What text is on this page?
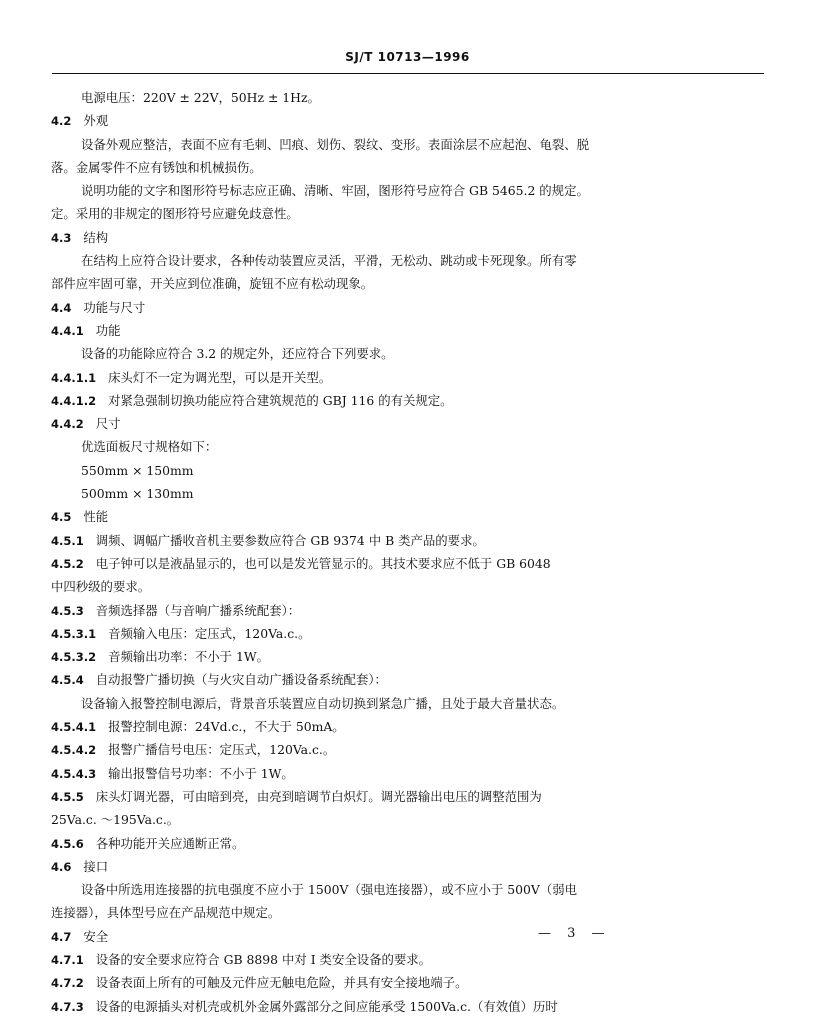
SJ/T 10713—1996
电源电压：220V ± 22V，50Hz ± 1Hz。
4.2 外观
设备外观应整洁，表面不应有毛刺、凹痕、划伤、裂纹、变形。表面涂层不应起泡、龟裂、脱
落。金属零件不应有锈蚀和机械损伤。
说明功能的文字和图形符号标志应正确、清晰、牢固，图形符号应符合 GB 5465.2 的规定。
定。采用的非规定的图形符号应避免歧意性。
4.3 结构
在结构上应符合设计要求，各种传动装置应灵活，平滑，无松动、跳动或卡死现象。所有零
部件应牢固可靠，开关应到位准确，旋钮不应有松动现象。
4.4 功能与尺寸
4.4.1 功能
设备的功能除应符合 3.2 的规定外，还应符合下列要求。
4.4.1.1 床头灯不一定为调光型，可以是开关型。
4.4.1.2 对紧急强制切换功能应符合建筑规范的 GBJ 116 的有关规定。
4.4.2 尺寸
优选面板尺寸规格如下：
550mm × 150mm
500mm × 130mm
4.5 性能
4.5.1 调频、调幅广播收音机主要参数应符合 GB 9374 中 B 类产品的要求。
4.5.2 电子钟可以是液晶显示的，也可以是发光管显示的。其技术要求应不低于 GB 6048
中四秒级的要求。
4.5.3 音频选择器（与音响广播系统配套）：
4.5.3.1 音频输入电压：定压式，120Va.c.。
4.5.3.2 音频输出功率：不小于 1W。
4.5.4 自动报警广播切换（与火灾自动广播设备系统配套）：
设备输入报警控制电源后，背景音乐装置应自动切换到紧急广播，且处于最大音量状态。
4.5.4.1 报警控制电源：24Vd.c.，不大于 50mA。
4.5.4.2 报警广播信号电压：定压式，120Va.c.。
4.5.4.3 输出报警信号功率：不小于 1W。
4.5.5 床头灯调光器，可由暗到亮，由亮到暗调节白炽灯。调光器输出电压的调整范围为
25Va.c. ～195Va.c.。
4.5.6 各种功能开关应通断正常。
4.6 接口
设备中所选用连接器的抗电强度不应小于 1500V（强电连接器），或不应小于 500V（弱电
连接器），具体型号应在产品规范中规定。
4.7 安全
4.7.1 设备的安全要求应符合 GB 8898 中对 Ⅰ 类安全设备的要求。
4.7.2 设备表面上所有的可触及元件应无触电危险，并具有安全接地端子。
4.7.3 设备的电源插头对机壳或机外金属外露部分之间应能承受 1500Va.c.（有效值）历时
— 3 —
